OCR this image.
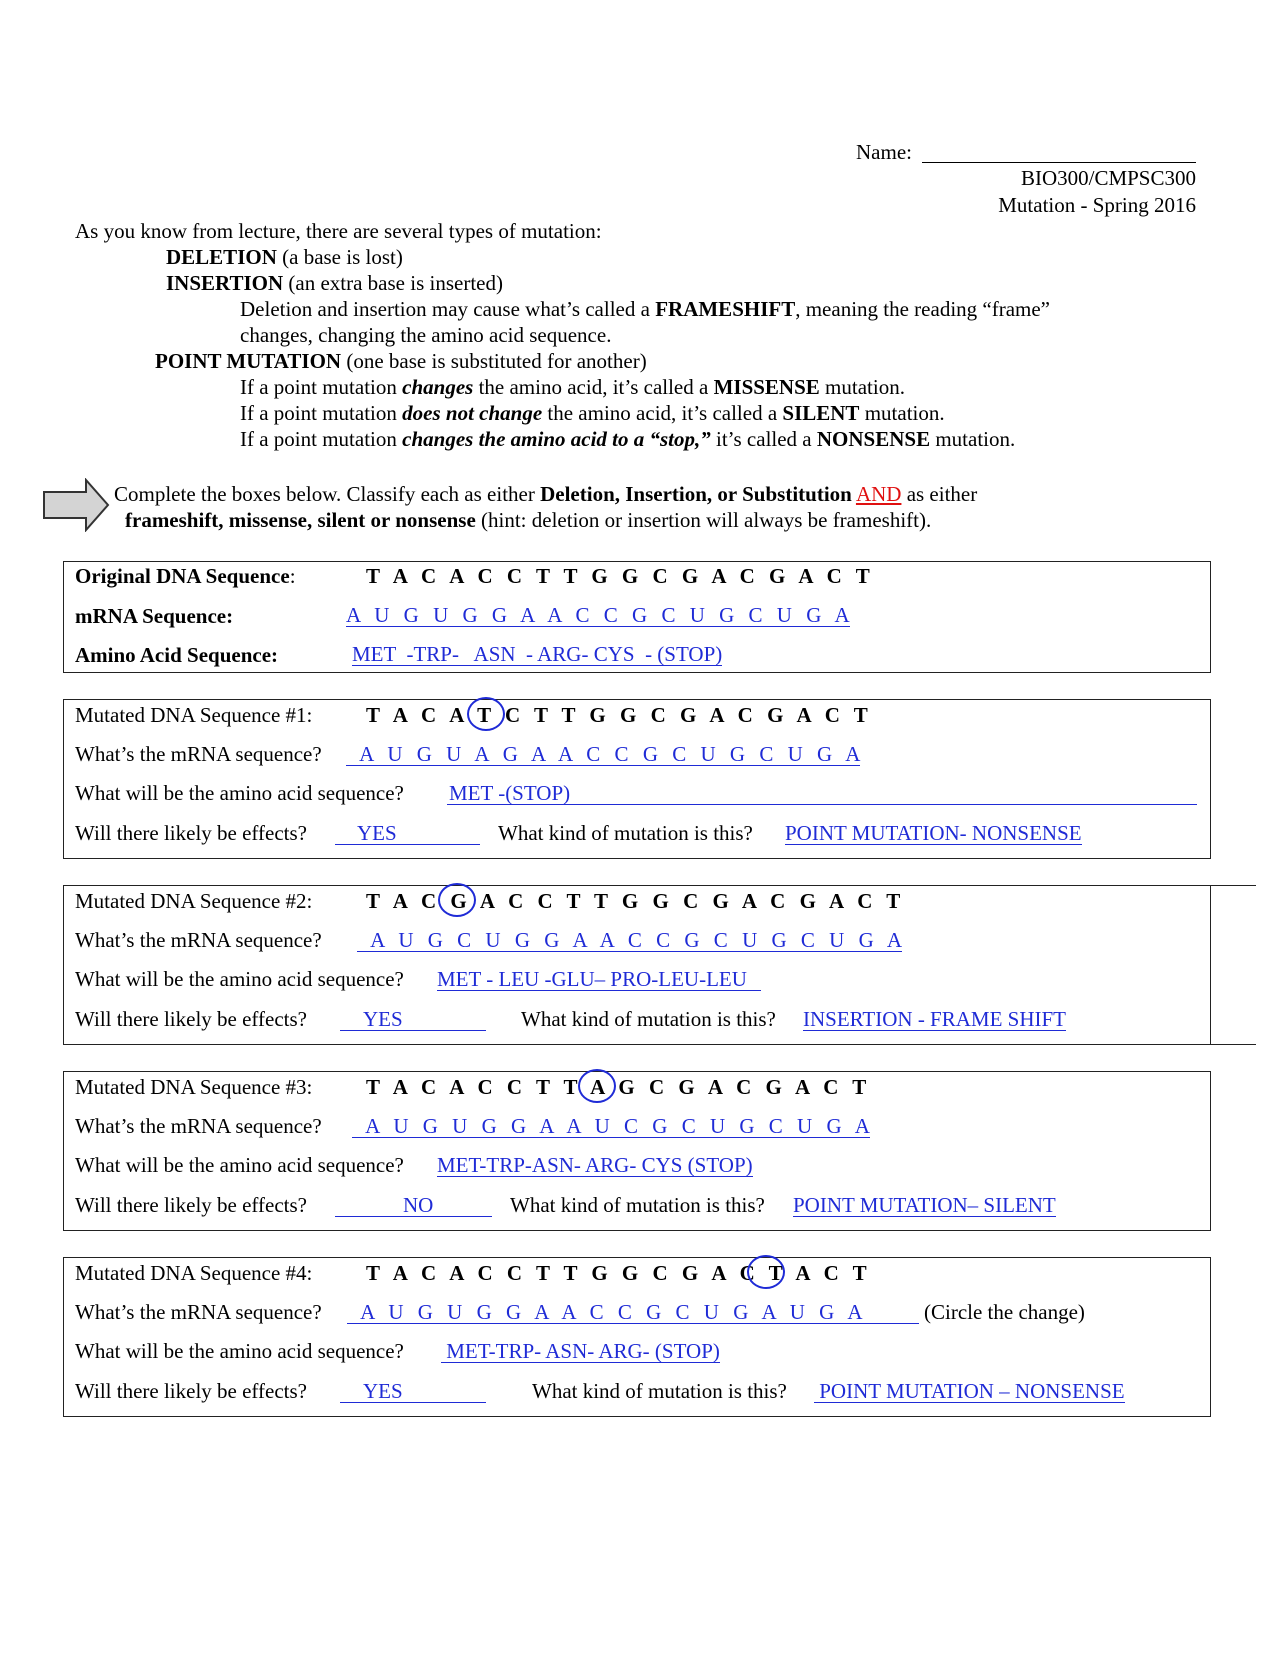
Name:
BIO300/CMPSC300
Mutation - Spring 2016
As you know from lecture, there are several types of mutation:
DELETION (a base is lost)
INSERTION (an extra base is inserted)
Deletion and insertion may cause what’s called a FRAMESHIFT, meaning the reading “frame”
changes, changing the amino acid sequence.
POINT MUTATION (one base is substituted for another)
If a point mutation changes the amino acid, it’s called a MISSENSE mutation.
If a point mutation does not change the amino acid, it’s called a SILENT mutation.
If a point mutation changes the amino acid to a “stop,” it’s called a NONSENSE mutation.
Complete the boxes below. Classify each as either Deletion, Insertion, or Substitution AND as either
frameshift, missense, silent or nonsense (hint: deletion or insertion will always be frameshift).
Original DNA Sequence:	T A C A C C T T G G C G A C G A C T
mRNA Sequence:	A U G U G G A A C C G C U G C U G A
Amino Acid Sequence:	MET  -TRP-   ASN  - ARG- CYS  - (STOP)
Mutated DNA Sequence #1:	T A C A T C T T G G C G A C G A C T
What’s the mRNA sequence? A U G U A G A A C C G C U G C U G A
What will be the amino acid sequence? MET -(STOP)
Will there likely be effects? YES	What kind of mutation is this? POINT MUTATION- NONSENSE
Mutated DNA Sequence #2:	T A C G A C C T T G G C G A C G A C T
What’s the mRNA sequence? A U G C U G G A A C C G C U G C U G A
What will be the amino acid sequence? MET - LEU -GLU– PRO-LEU-LEU
Will there likely be effects?	YES	What kind of mutation is this? INSERTION - FRAME SHIFT
Mutated DNA Sequence #3:	T A C A C C T T A G C G A C G A C T
What’s the mRNA sequence? A U G U G G A A U C G C U G C U G A
What will be the amino acid sequence? MET-TRP-ASN- ARG- CYS (STOP)
Will there likely be effects?	NO	What kind of mutation is this? POINT MUTATION– SILENT
Mutated DNA Sequence #4:	T A C A C C T T G G C G A C T A C T
What’s the mRNA sequence? A U G U G G A A C C G C U G A U G A	(Circle the change)
What will be the amino acid sequence? MET-TRP- ASN- ARG- (STOP)
Will there likely be effects?	YES	What kind of mutation is this? POINT MUTATION – NONSENSE
